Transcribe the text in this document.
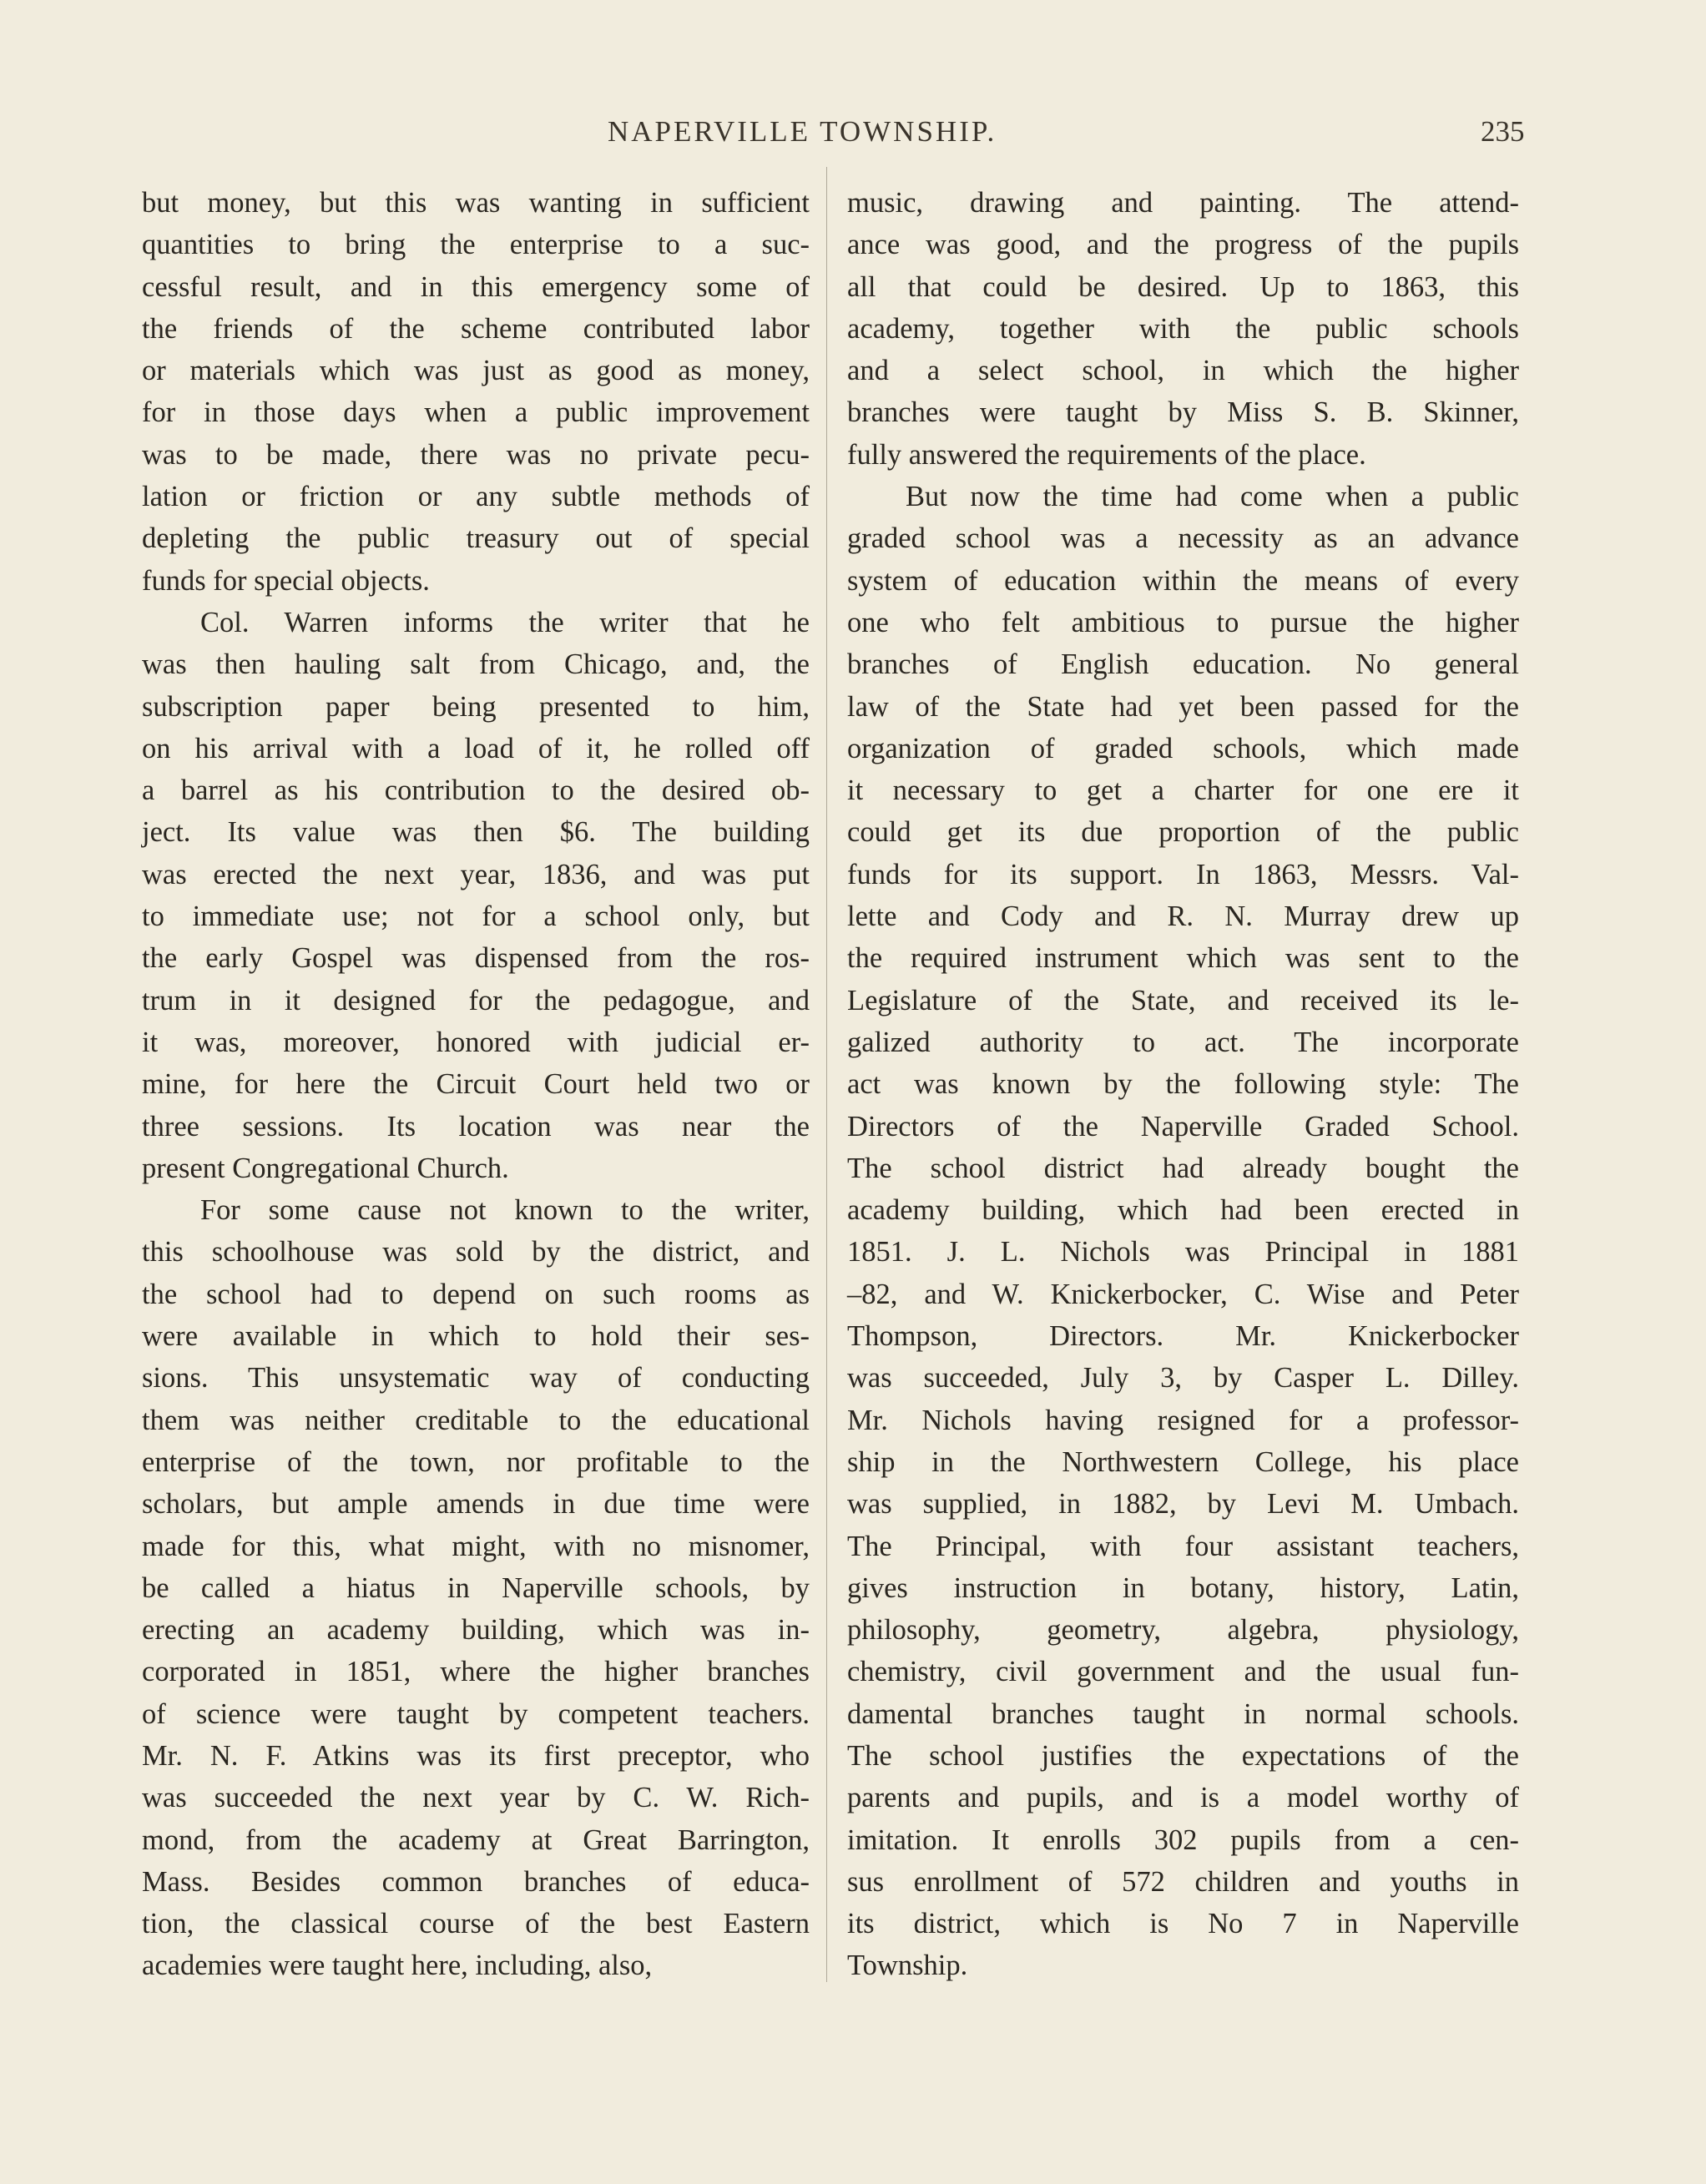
NAPERVILLE TOWNSHIP.	235
but money, but this was wanting in sufficient
quantities to bring the enterprise to a suc-
cessful result, and in this emergency some of
the friends of the scheme contributed labor
or materials which was just as good as money,
for in those days when a public improvement
was to be made, there was no private pecu-
lation or friction or any subtle methods of
depleting the public treasury out of special
funds for special objects.
Col. Warren informs the writer that he
was then hauling salt from Chicago, and, the
subscription paper being presented to him,
on his arrival with a load of it, he rolled off
a barrel as his contribution to the desired ob-
ject. Its value was then $6. The building
was erected the next year, 1836, and was put
to immediate use; not for a school only, but
the early Gospel was dispensed from the ros-
trum in it designed for the pedagogue, and
it was, moreover, honored with judicial er-
mine, for here the Circuit Court held two or
three sessions. Its location was near the
present Congregational Church.
For some cause not known to the writer,
this schoolhouse was sold by the district, and
the school had to depend on such rooms as
were available in which to hold their ses-
sions. This unsystematic way of conducting
them was neither creditable to the educational
enterprise of the town, nor profitable to the
scholars, but ample amends in due time were
made for this, what might, with no misnomer,
be called a hiatus in Naperville schools, by
erecting an academy building, which was in-
corporated in 1851, where the higher branches
of science were taught by competent teachers.
Mr. N. F. Atkins was its first preceptor, who
was succeeded the next year by C. W. Rich-
mond, from the academy at Great Barrington,
Mass. Besides common branches of educa-
tion, the classical course of the best Eastern
academies were taught here, including, also,
music, drawing and painting. The attend-
ance was good, and the progress of the pupils
all that could be desired. Up to 1863, this
academy, together with the public schools
and a select school, in which the higher
branches were taught by Miss S. B. Skinner,
fully answered the requirements of the place.
But now the time had come when a public
graded school was a necessity as an advance
system of education within the means of every
one who felt ambitious to pursue the higher
branches of English education. No general
law of the State had yet been passed for the
organization of graded schools, which made
it necessary to get a charter for one ere it
could get its due proportion of the public
funds for its support. In 1863, Messrs. Val-
lette and Cody and R. N. Murray drew up
the required instrument which was sent to the
Legislature of the State, and received its le-
galized authority to act. The incorporate
act was known by the following style: The
Directors of the Naperville Graded School.
The school district had already bought the
academy building, which had been erected in
1851. J. L. Nichols was Principal in 1881
–82, and W. Knickerbocker, C. Wise and Peter
Thompson, Directors. Mr. Knickerbocker
was succeeded, July 3, by Casper L. Dilley.
Mr. Nichols having resigned for a professor-
ship in the Northwestern College, his place
was supplied, in 1882, by Levi M. Umbach.
The Principal, with four assistant teachers,
gives instruction in botany, history, Latin,
philosophy, geometry, algebra, physiology,
chemistry, civil government and the usual fun-
damental branches taught in normal schools.
The school justifies the expectations of the
parents and pupils, and is a model worthy of
imitation. It enrolls 302 pupils from a cen-
sus enrollment of 572 children and youths in
its district, which is No 7 in Naperville
Township.
